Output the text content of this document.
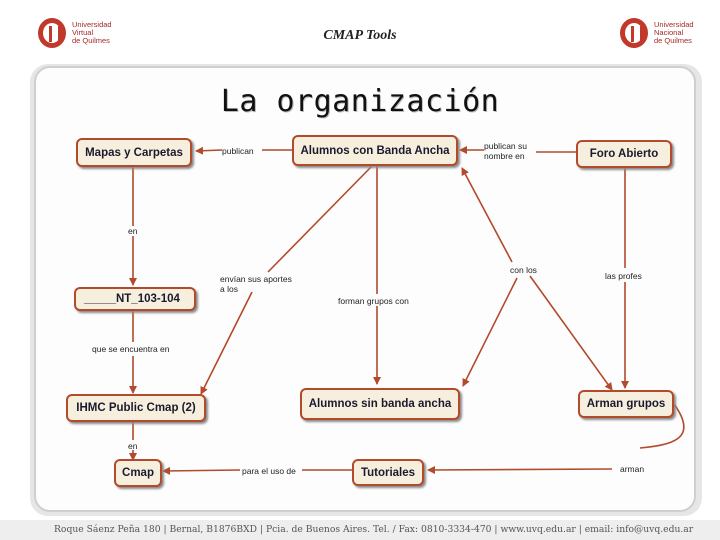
Universidad
Virtual
de Quilmes	CMAP Tools
Universidad
Nacional
de Quilmes
La organización
Mapas y Carpetas	Alumnos con Banda Ancha	Foro Abierto
_____NT_103-104
IHMC Public Cmap (2)	Alumnos sin banda ancha	Arman grupos
Cmap	Tutoriales
publican	publican su
nombre en
en
envían sus aportes
a los
forman grupos con
con los
las profes
que se encuentra en
en
para el uso de	arman
Roque Sáenz Peña 180 | Bernal, B1876BXD | Pcia. de Buenos Aires. Tel. / Fax: 0810-3334-470 | www.uvq.edu.ar | email: info@uvq.edu.ar
